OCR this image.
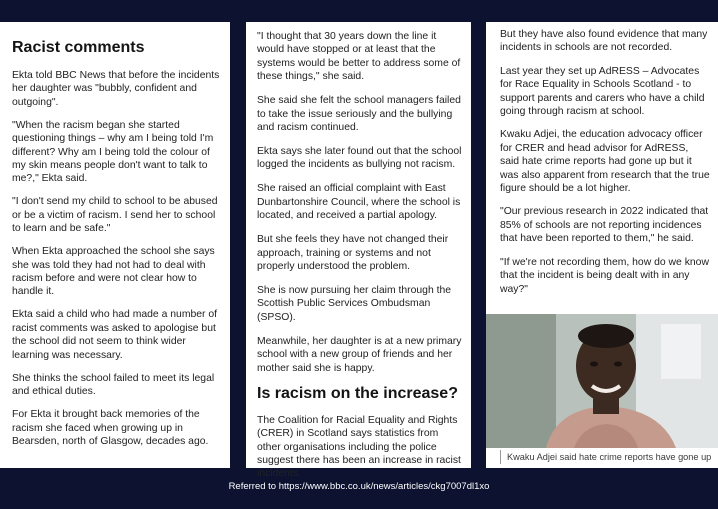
Racist comments

Ekta told BBC News that before the incidents her daughter was "bubbly, confident and outgoing".

"When the racism began she started questioning things – why am I being told I'm different? Why am I being told the colour of my skin means people don't want to talk to me?," Ekta said.

"I don't send my child to school to be abused or be a victim of racism. I send her to school to learn and be safe."

When Ekta approached the school she says she was told they had not had to deal with racism before and were not clear how to handle it.

Ekta said a child who had made a number of racist comments was asked to apologise but the school did not seem to think wider learning was necessary.

She thinks the school failed to meet its legal and ethical duties.

For Ekta it brought back memories of the racism she faced when growing up in Bearsden, north of Glasgow, decades ago.

"I thought that 30 years down the line it would have stopped or at least that the systems would be better to address some of these things," she said.

She said she felt the school managers failed to take the issue seriously and the bullying and racism continued.

Ekta says she later found out that the school logged the incidents as bullying not racism.

She raised an official complaint with East Dunbartonshire Council, where the school is located, and received a partial apology.

But she feels they have not changed their approach, training or systems and not properly understood the problem.

She is now pursuing her claim through the Scottish Public Services Ombudsman (SPSO).

Meanwhile, her daughter is at a new primary school with a new group of friends and her mother said she is happy.

Is racism on the increase?

The Coalition for Racial Equality and Rights (CRER) in Scotland says statistics from other organisations including the police suggest there has been an increase in racist incidents.

But they have also found evidence that many incidents in schools are not recorded.

Last year they set up AdRESS – Advocates for Race Equality in Schools Scotland - to support parents and carers who have a child going through racism at school.

Kwaku Adjei, the education advocacy officer for CRER and head advisor for AdRESS, said hate crime reports had gone up but it was also apparent from research that the true figure should be a lot higher.

"Our previous research in 2022 indicated that 85% of schools are not reporting incidences that have been reported to them," he said.

"If we're not recording them, how do we know that the incident is being dealt with in any way?"

Kwaku Adjei said hate crime reports have gone up
Referred to https://www.bbc.co.uk/news/articles/ckg7007dl1xo
